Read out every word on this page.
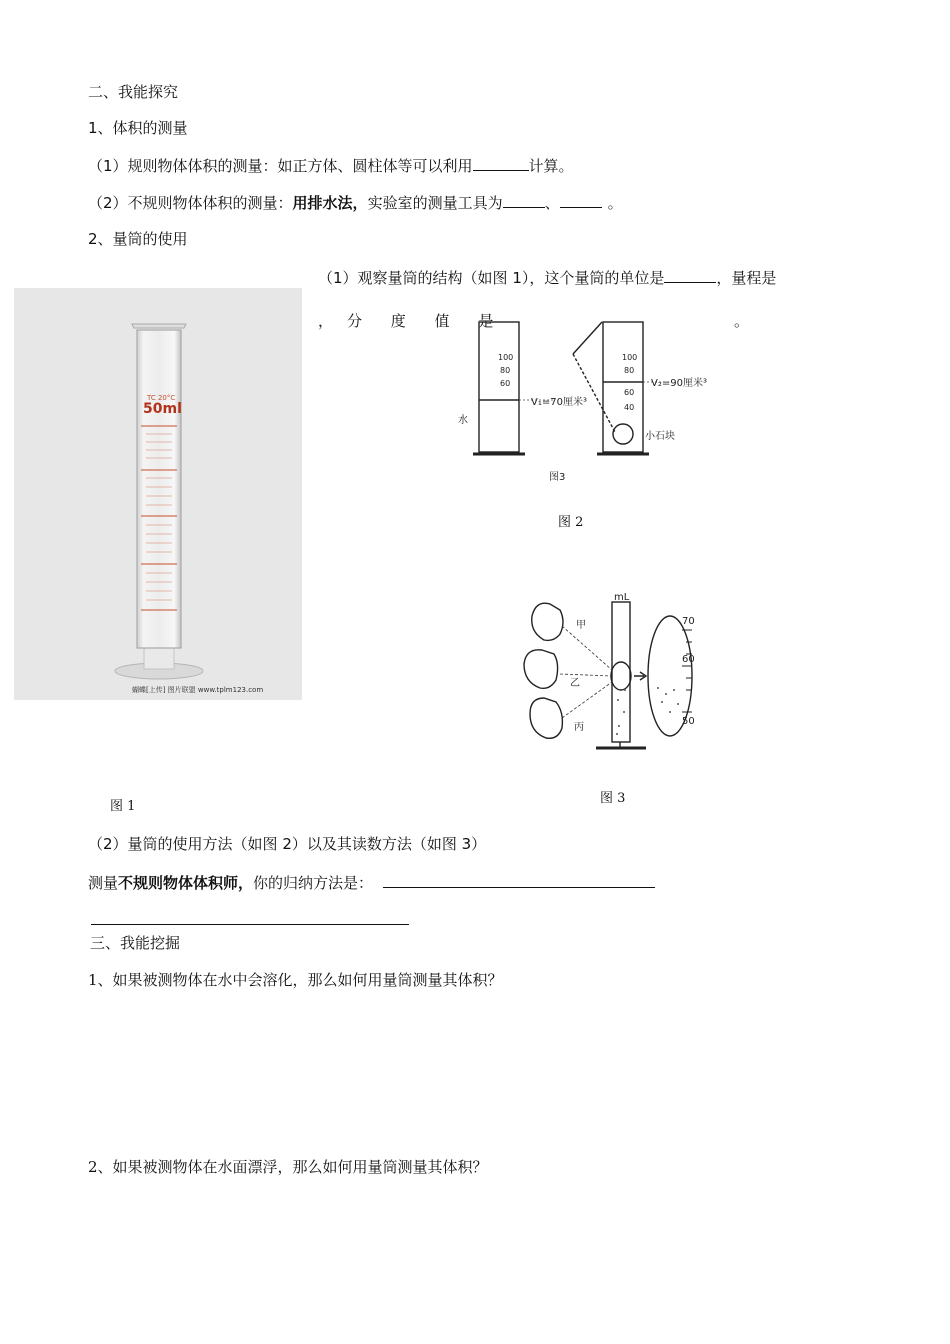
二、我能探究
1、体积的测量
（1）规则物体体积的测量：如正方体、圆柱体等可以利用	计算。
（2）不规则物体体积的测量：用排水法，实验室的测量工具为	、	。
2、量筒的使用
（1）观察量筒的结构（如图 1），这个量筒的单位是	，量程是
， 分 度 值 是	。
TC 20°C
50ml
蝴蝶[上传] 图片联盟 www.tplm123.com
图 1
100
80
60
100
80
60
40
水
V₁=70厘米³
V₂=90厘米³
小石块
图3
图 2
mL
甲
乙
丙
70
60
50
图 3
（2）量筒的使用方法（如图 2）以及其读数方法（如图 3）
测量不规则物体体积师，你的归纳方法是：
三、我能挖掘
1、如果被测物体在水中会溶化，那么如何用量筒测量其体积？
2、如果被测物体在水面漂浮，那么如何用量筒测量其体积？
